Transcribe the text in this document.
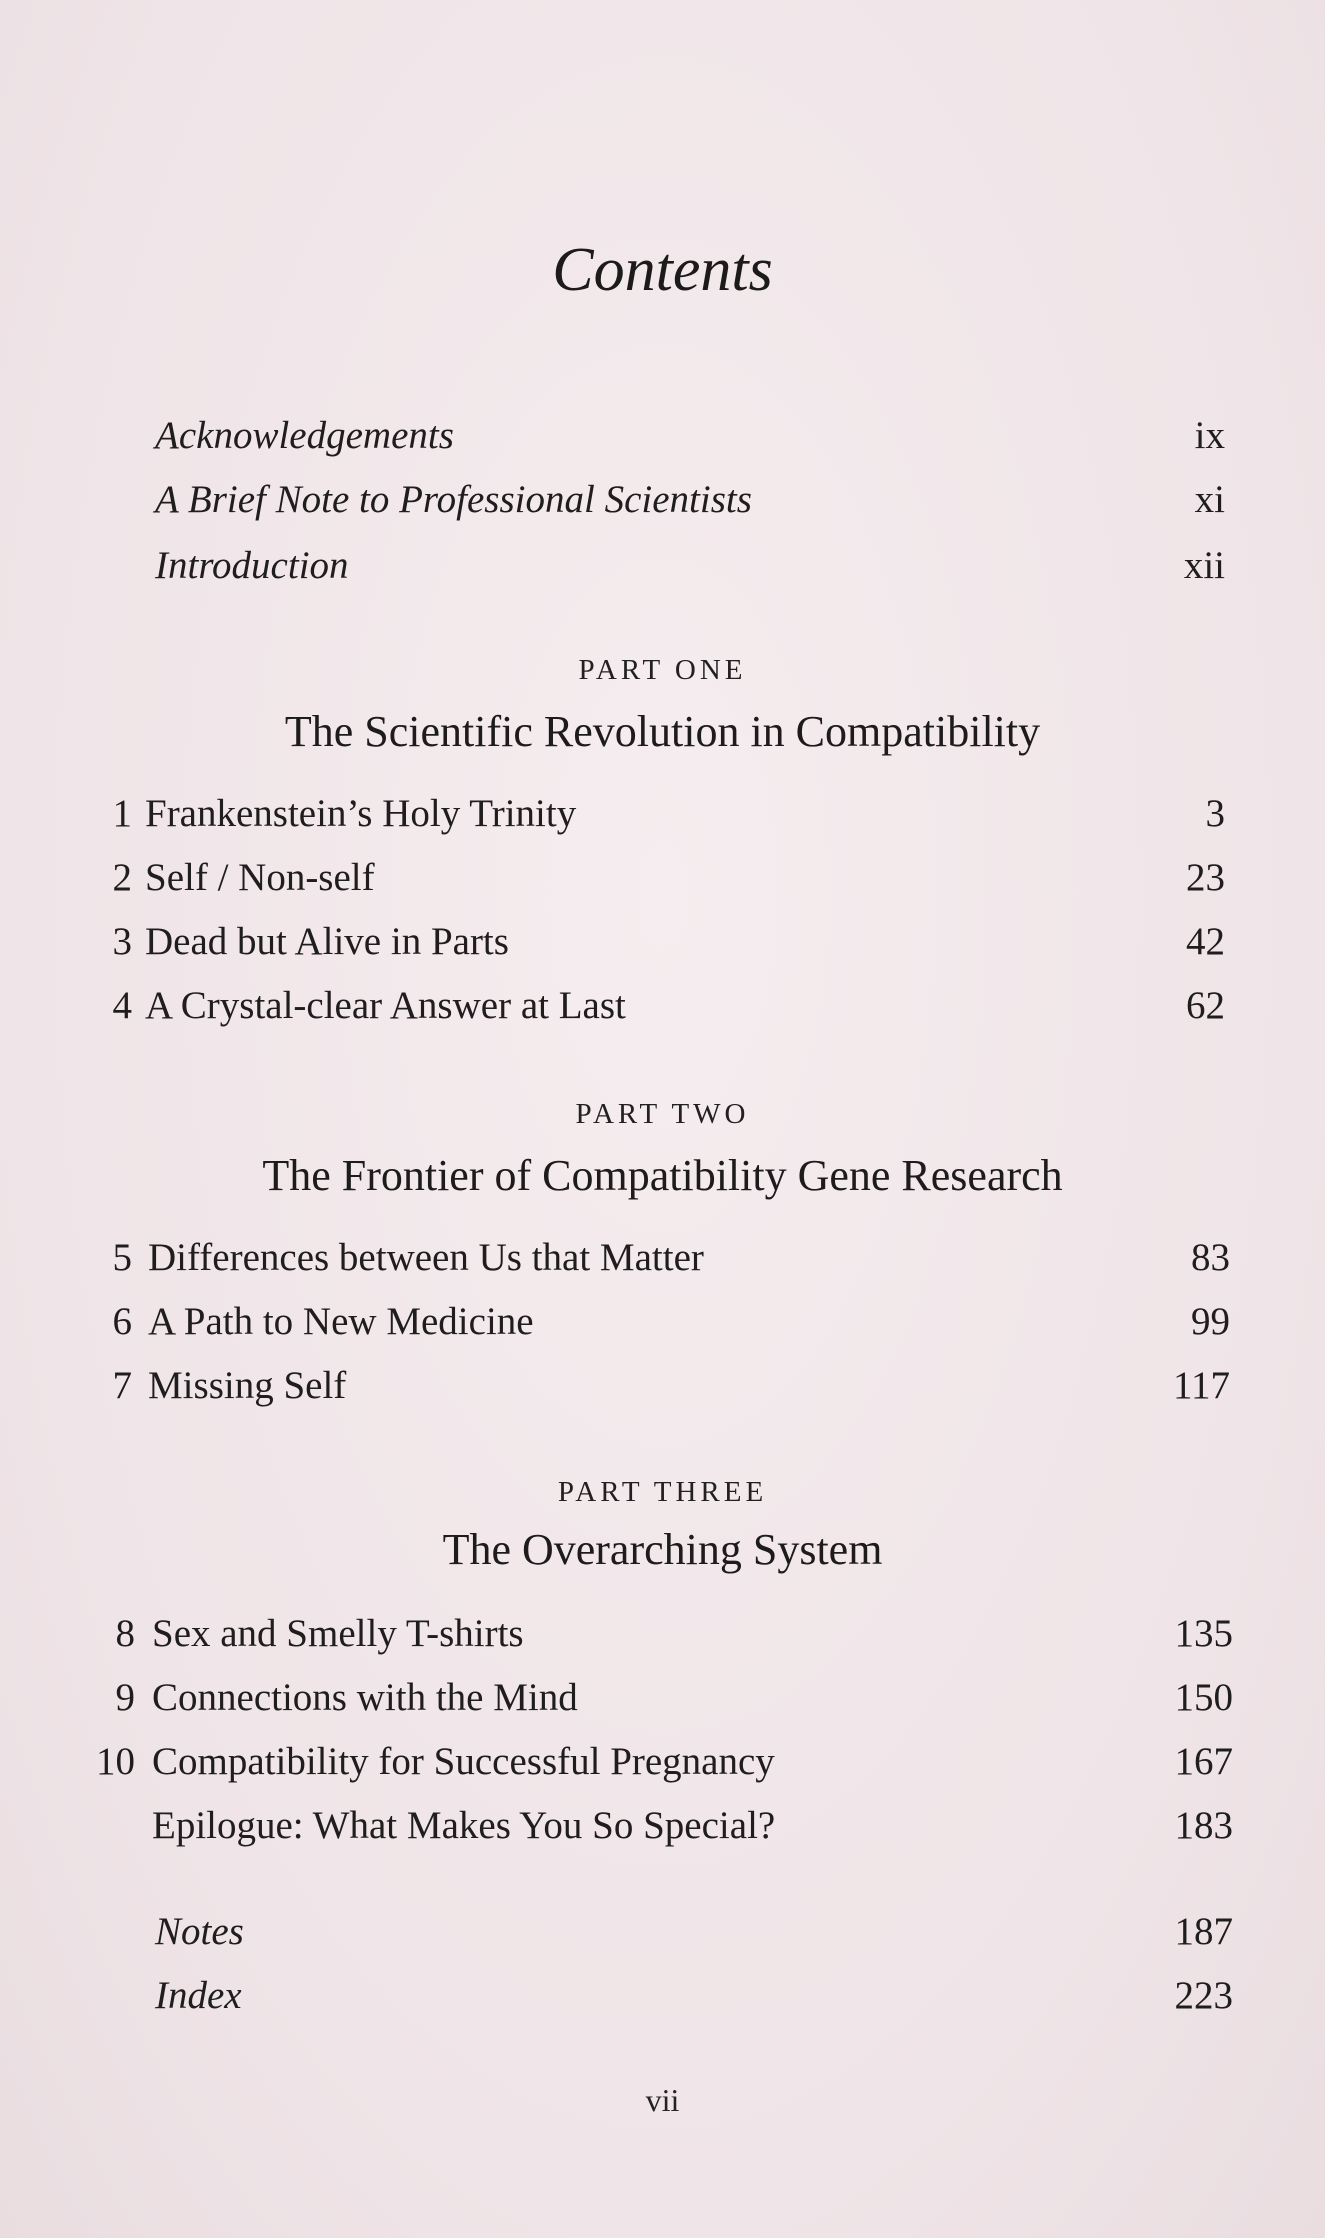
Contents
Acknowledgements	ix
A Brief Note to Professional Scientists	xi
Introduction	xii
PART ONE
The Scientific Revolution in Compatibility
1 Frankenstein’s Holy Trinity	3
2 Self / Non-self	23
3 Dead but Alive in Parts	42
4 A Crystal-clear Answer at Last	62
PART TWO
The Frontier of Compatibility Gene Research
5 Differences between Us that Matter	83
6 A Path to New Medicine	99
7 Missing Self	117
PART THREE
The Overarching System
8 Sex and Smelly T-shirts	135
9 Connections with the Mind	150
10 Compatibility for Successful Pregnancy	167
Epilogue: What Makes You So Special?	183
Notes	187
Index	223
vii
